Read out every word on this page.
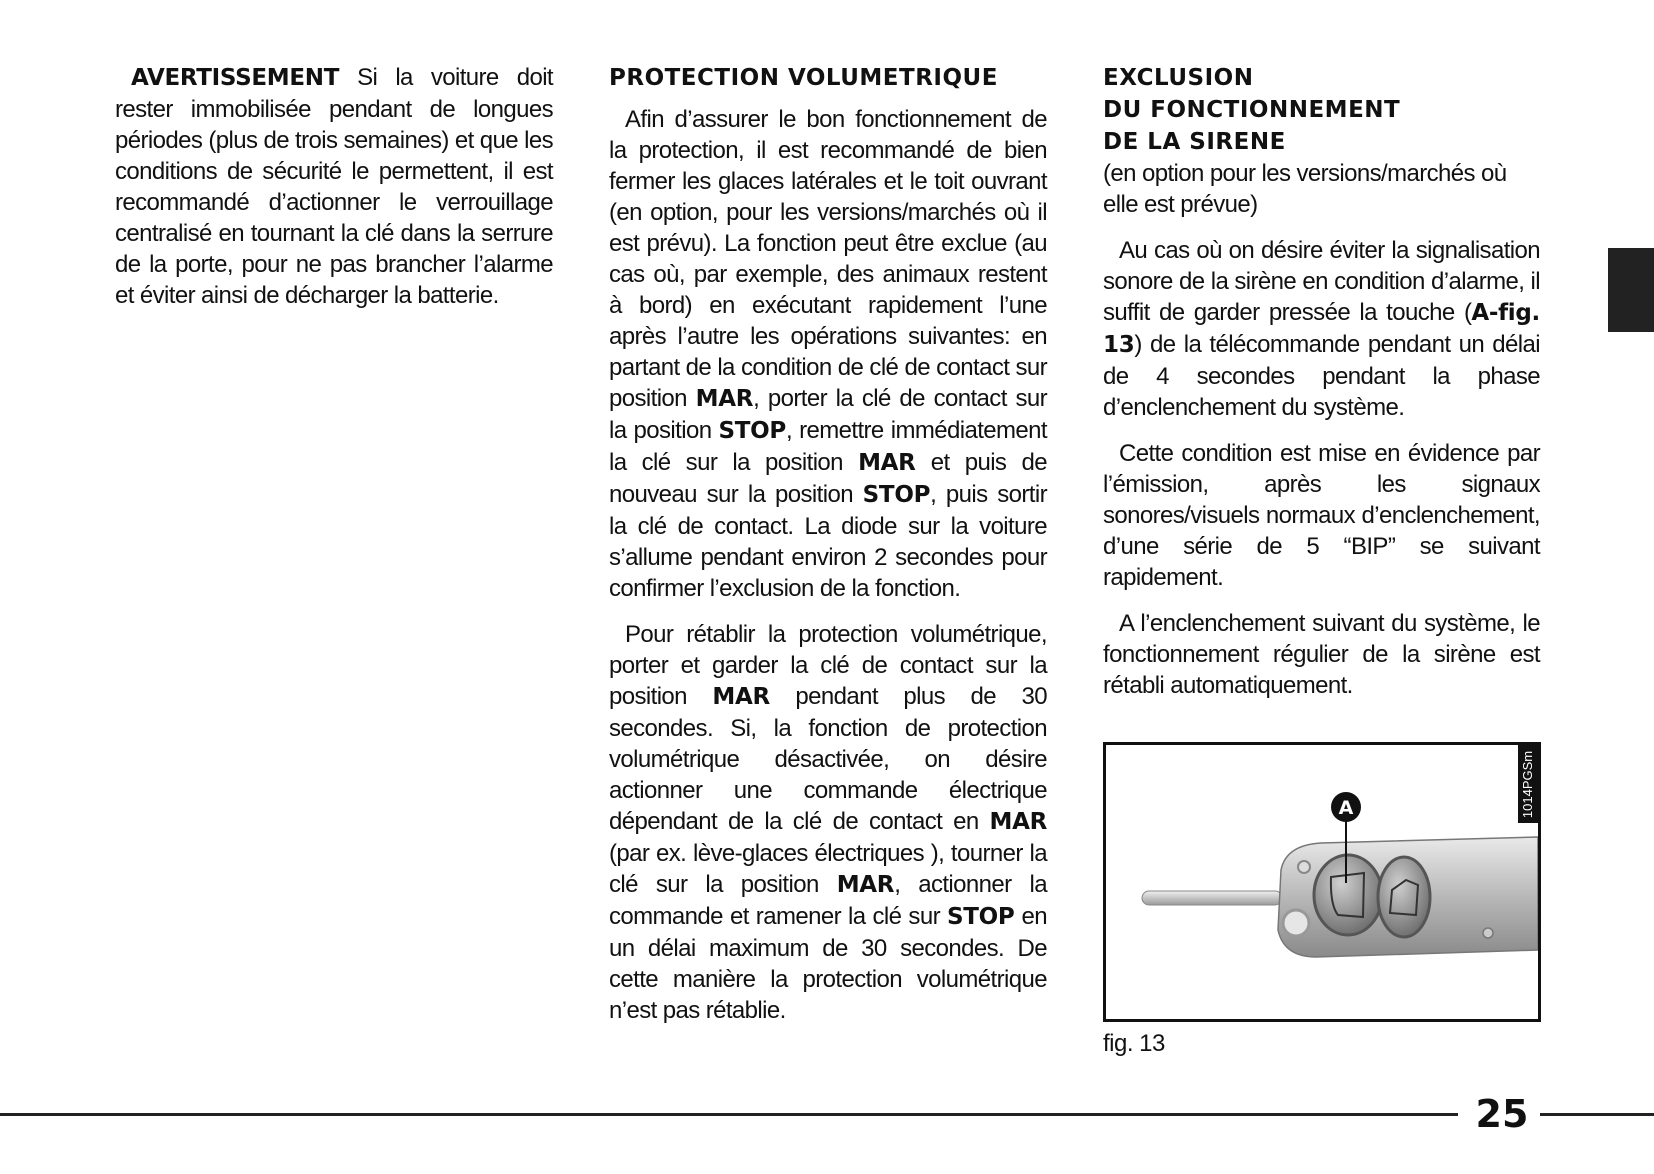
AVERTISSEMENT Si la voiture doit rester immobilisée pendant de longues périodes (plus de trois semaines) et que les conditions de sécurité le permettent, il est recommandé d’actionner le verrouillage centralisé en tournant la clé dans la serrure de la porte, pour ne pas brancher l’alarme et éviter ainsi de décharger la batterie.

PROTECTION VOLUMETRIQUE

Afin d’assurer le bon fonctionnement de la protection, il est recommandé de bien fermer les glaces latérales et le toit ouvrant (en option, pour les versions/marchés où il est prévu). La fonction peut être exclue (au cas où, par exemple, des animaux restent à bord) en exécutant rapidement l’une après l’autre les opérations suivantes: en partant de la condition de clé de contact sur position MAR, porter la clé de contact sur la position STOP, remettre immédiatement la clé sur la position MAR et puis de nouveau sur la position STOP, puis sortir la clé de contact. La diode sur la voiture s’allume pendant environ 2 secondes pour confirmer l’exclusion de la fonction.

Pour rétablir la protection volumétrique, porter et garder la clé de contact sur la position MAR pendant plus de 30 secondes. Si, la fonction de protection volumétrique désactivée, on désire actionner une commande électrique dépendant de la clé de contact en MAR (par ex. lève-glaces électriques ), tourner la clé sur la position MAR, actionner la commande et ramener la clé sur STOP en un délai maximum de 30 secondes. De cette manière la protection volumétrique n’est pas rétablie.

EXCLUSION
DU FONCTIONNEMENT
DE LA SIRENE

(en option pour les versions/marchés où elle est prévue)

Au cas où on désire éviter la signalisation sonore de la sirène en condition d’alarme, il suffit de garder pressée la touche (A-fig. 13) de la télécommande pendant un délai de 4 secondes pendant la phase d’enclenchement du système.

Cette condition est mise en évidence par l’émission, après les signaux sonores/visuels normaux d’enclenchement, d’une série de 5 “BIP” se suivant rapidement.

A l’enclenchement suivant du système, le fonctionnement régulier de la sirène est rétabli automatiquement.

A	1014PGSm
fig. 13
25
